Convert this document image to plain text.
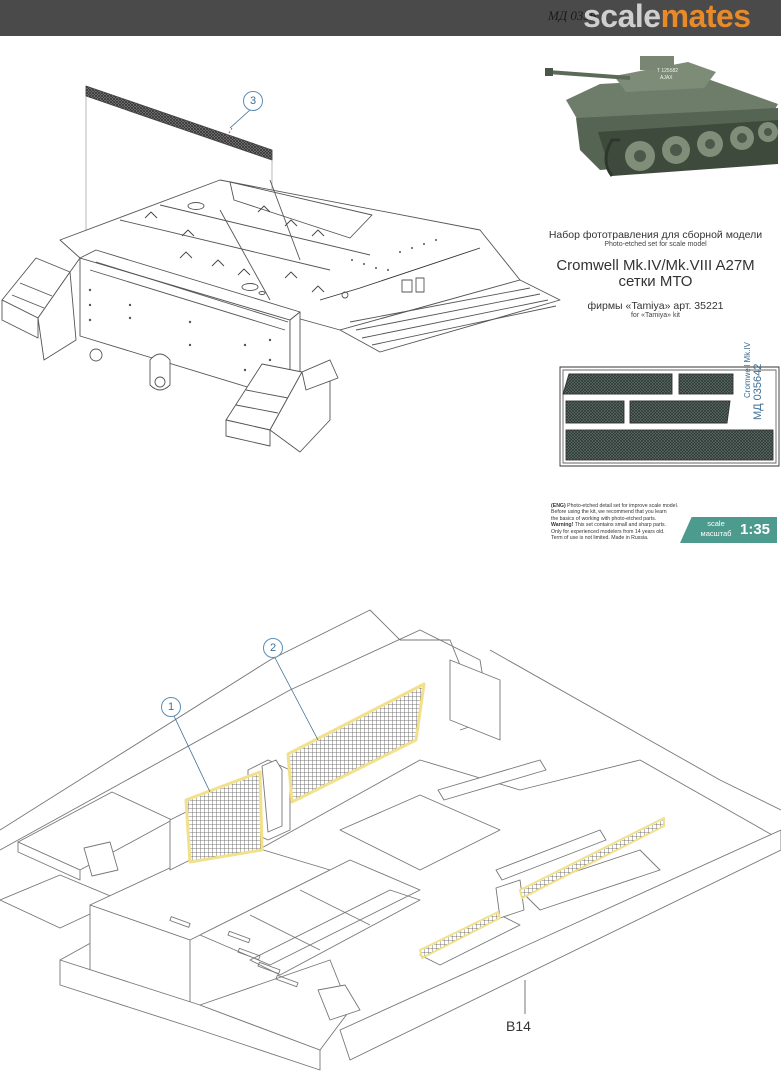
МД 0356
scalemates
T 125582
AJAX
3
1
2
B14
Набор фототравления для сборной модели
Photo-etched set for scale model
Cromwell Mk.IV/Mk.VIII A27M
сетки МТО
фирмы «Tamiya» арт. 35221
for «Tamiya» kit
Cromwell Mk.IV МД 035642
(ENG) Photo-etched detail set for improve scale model.
Before using the kit, we recommend that you learn
the basics of working with photo-etched parts.
Warning! This set contains small and sharp parts.
Only for experienced modelers from 14 years old.
Term of use is not limited. Made in Russia.
scale
масштаб 1:35
